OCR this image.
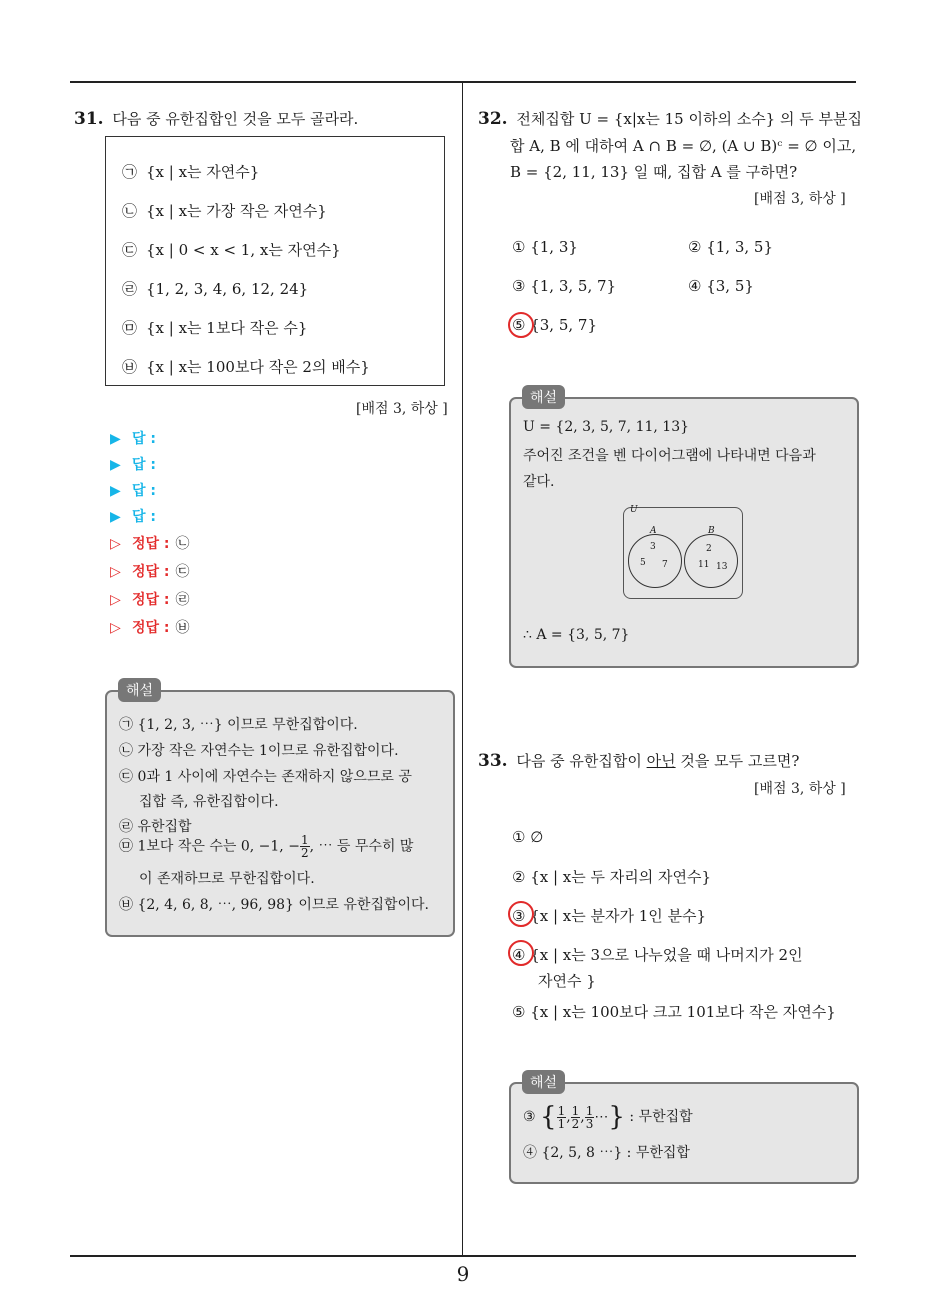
9
31. 다음 중 유한집합인 것을 모두 골라라.
㉠ {x | x는 자연수}
㉡ {x | x는 가장 작은 자연수}
㉢ {x | 0 < x < 1, x는 자연수}
㉣ {1, 2, 3, 4, 6, 12, 24}
㉤ {x | x는 1보다 작은 수}
㉥ {x | x는 100보다 작은 2의 배수}
[배점 3, 하상 ]
▶ 답 :
▶ 답 :
▶ 답 :
▶ 답 :
▷ 정답 : ㉡
▷ 정답 : ㉢
▷ 정답 : ㉣
▷ 정답 : ㉥
㉠ {1, 2, 3, ⋯} 이므로 무한집합이다.
㉡ 가장 작은 자연수는 1이므로 유한집합이다.
㉢ 0과 1 사이에 자연수는 존재하지 않으므로 공
집합 즉, 유한집합이다.
㉣ 유한집합
㉤ 1보다 작은 수는 0, −1, − $\frac{1}{2}$ , ⋯ 등 무수히 많
이 존재하므로 무한집합이다.
㉥ {2, 4, 6, 8, ⋯, 96, 98} 이므로 유한집합이다.
해설
32. 전체집합 U = {x|x는 15 이하의 소수} 의 두 부분집
합 A, B 에 대하여 A ∩ B = ∅, (A ∪ B)ᶜ = ∅ 이고,
B = {2, 11, 13} 일 때, 집합 A 를 구하면?
[배점 3, 하상 ]
① {1, 3}	② {1, 3, 5}
③ {1, 3, 5, 7}	④ {3, 5}
⑤ {3, 5, 7}
U = {2, 3, 5, 7, 11, 13}
주어진 조건을 벤 다이어그램에 나타내면 다음과
같다.
U
A	B
3
5 7
2
11 13
∴ A = {3, 5, 7}
해설
33. 다음 중 유한집합이 아닌 것을 모두 고르면?
[배점 3, 하상 ]
① ∅
② {x | x는 두 자리의 자연수}
③ {x | x는 분자가 1인 분수}
④ {x | x는 3으로 나누었을 때 나머지가 2인
자연수 }
⑤ {x | x는 100보다 크고 101보다 작은 자연수}
③ { $\frac{1}{1}$ , $\frac{1}{2}$ , $\frac{1}{3}$ ⋯} : 무한집합
④ {2, 5, 8 ⋯} : 무한집합
해설
